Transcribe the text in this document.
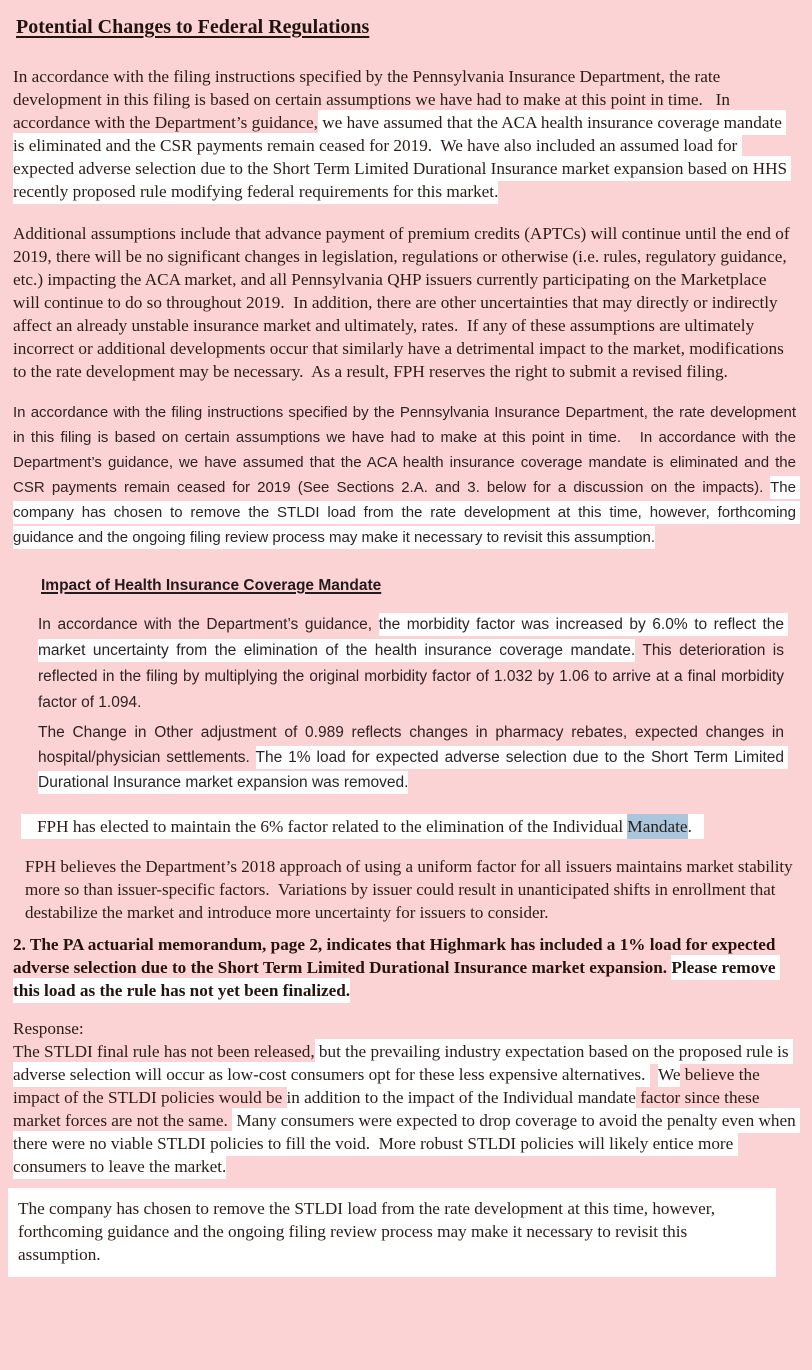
Potential Changes to Federal Regulations

In accordance with the filing instructions specified by the Pennsylvania Insurance Department, the rate development in this filing is based on certain assumptions we have had to make at this point in time.   In accordance with the Department’s guidance, we have assumed that the ACA health insurance coverage mandate is eliminated and the CSR payments remain ceased for 2019.  We have also included an assumed load for expected adverse selection due to the Short Term Limited Durational Insurance market expansion based on HHS recently proposed rule modifying federal requirements for this market.

Additional assumptions include that advance payment of premium credits (APTCs) will continue until the end of 2019, there will be no significant changes in legislation, regulations or otherwise (i.e. rules, regulatory guidance, etc.) impacting the ACA market, and all Pennsylvania QHP issuers currently participating on the Marketplace will continue to do so throughout 2019.  In addition, there are other uncertainties that may directly or indirectly affect an already unstable insurance market and ultimately, rates.  If any of these assumptions are ultimately incorrect or additional developments occur that similarly have a detrimental impact to the market, modifications to the rate development may be necessary.  As a result, FPH reserves the right to submit a revised filing.

In accordance with the filing instructions specified by the Pennsylvania Insurance Department, the rate development in this filing is based on certain assumptions we have had to make at this point in time.   In accordance with the Department’s guidance, we have assumed that the ACA health insurance coverage mandate is eliminated and the CSR payments remain ceased for 2019 (See Sections 2.A. and 3. below for a discussion on the impacts). The company has chosen to remove the STLDI load from the rate development at this time, however, forthcoming guidance and the ongoing filing review process may make it necessary to revisit this assumption.

Impact of Health Insurance Coverage Mandate

In accordance with the Department’s guidance, the morbidity factor was increased by 6.0% to reflect the market uncertainty from the elimination of the health insurance coverage mandate. This deterioration is reflected in the filing by multiplying the original morbidity factor of 1.032 by 1.06 to arrive at a final morbidity factor of 1.094.

The Change in Other adjustment of 0.989 reflects changes in pharmacy rebates, expected changes in hospital/physician settlements. The 1% load for expected adverse selection due to the Short Term Limited Durational Insurance market expansion was removed.

FPH has elected to maintain the 6% factor related to the elimination of the Individual Mandate.

FPH believes the Department’s 2018 approach of using a uniform factor for all issuers maintains market stability more so than issuer-specific factors.  Variations by issuer could result in unanticipated shifts in enrollment that destabilize the market and introduce more uncertainty for issuers to consider.

2. The PA actuarial memorandum, page 2, indicates that Highmark has included a 1% load for expected adverse selection due to the Short Term Limited Durational Insurance market expansion. Please remove this load as the rule has not yet been finalized.

Response:

The STLDI final rule has not been released, but the prevailing industry expectation based on the proposed rule is adverse selection will occur as low-cost consumers opt for these less expensive alternatives.   We believe the impact of the STLDI policies would be in addition to the impact of the Individual mandate factor since these market forces are not the same.  Many consumers were expected to drop coverage to avoid the penalty even when there were no viable STLDI policies to fill the void.  More robust STLDI policies will likely entice more consumers to leave the market.

The company has chosen to remove the STLDI load from the rate development at this time, however, forthcoming guidance and the ongoing filing review process may make it necessary to revisit this assumption.
